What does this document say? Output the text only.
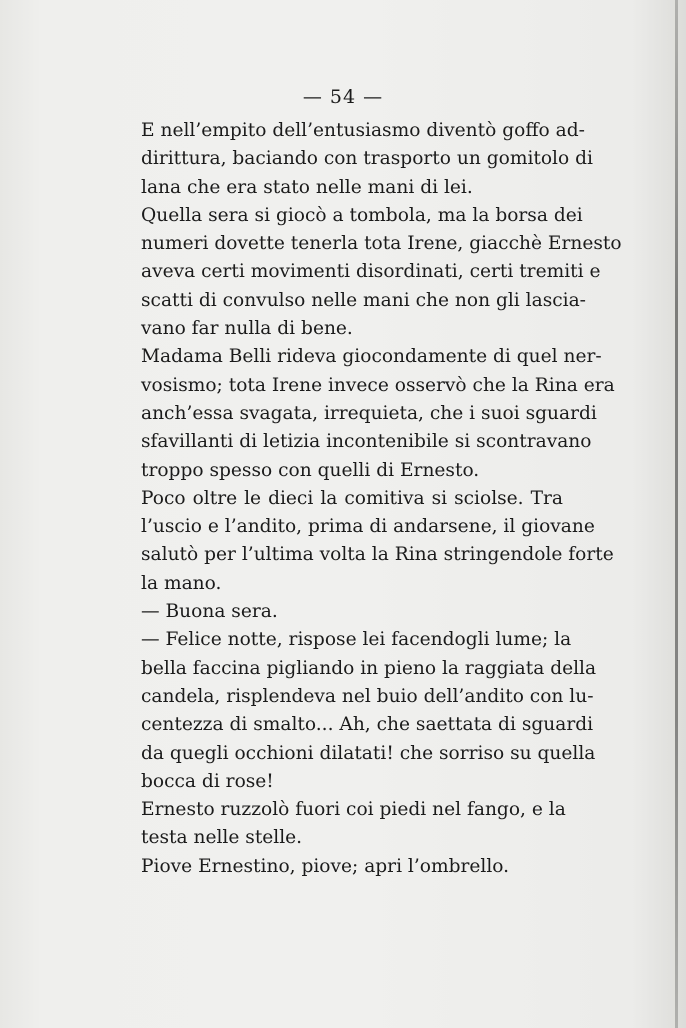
— 54 —

E nell’empito dell’entusiasmo diventò goffo ad-
dirittura, baciando con trasporto un gomitolo di
lana che era stato nelle mani di lei.

Quella sera si giocò a tombola, ma la borsa dei
numeri dovette tenerla tota Irene, giacchè Ernesto
aveva certi movimenti disordinati, certi tremiti e
scatti di convulso nelle mani che non gli lascia-
vano far nulla di bene.

Madama Belli rideva giocondamente di quel ner-
vosismo; tota Irene invece osservò che la Rina era
anch’essa svagata, irrequieta, che i suoi sguardi
sfavillanti di letizia incontenibile si scontravano
troppo spesso con quelli di Ernesto.

Poco oltre le dieci la comitiva si sciolse. Tra
l’uscio e l’andito, prima di andarsene, il giovane
salutò per l’ultima volta la Rina stringendole forte
la mano.

— Buona sera.

— Felice notte, rispose lei facendogli lume; la
bella faccina pigliando in pieno la raggiata della
candela, risplendeva nel buio dell’andito con lu-
centezza di smalto... Ah, che saettata di sguardi
da quegli occhioni dilatati! che sorriso su quella
bocca di rose!

Ernesto ruzzolò fuori coi piedi nel fango, e la
testa nelle stelle.

Piove Ernestino, piove; apri l’ombrello.
